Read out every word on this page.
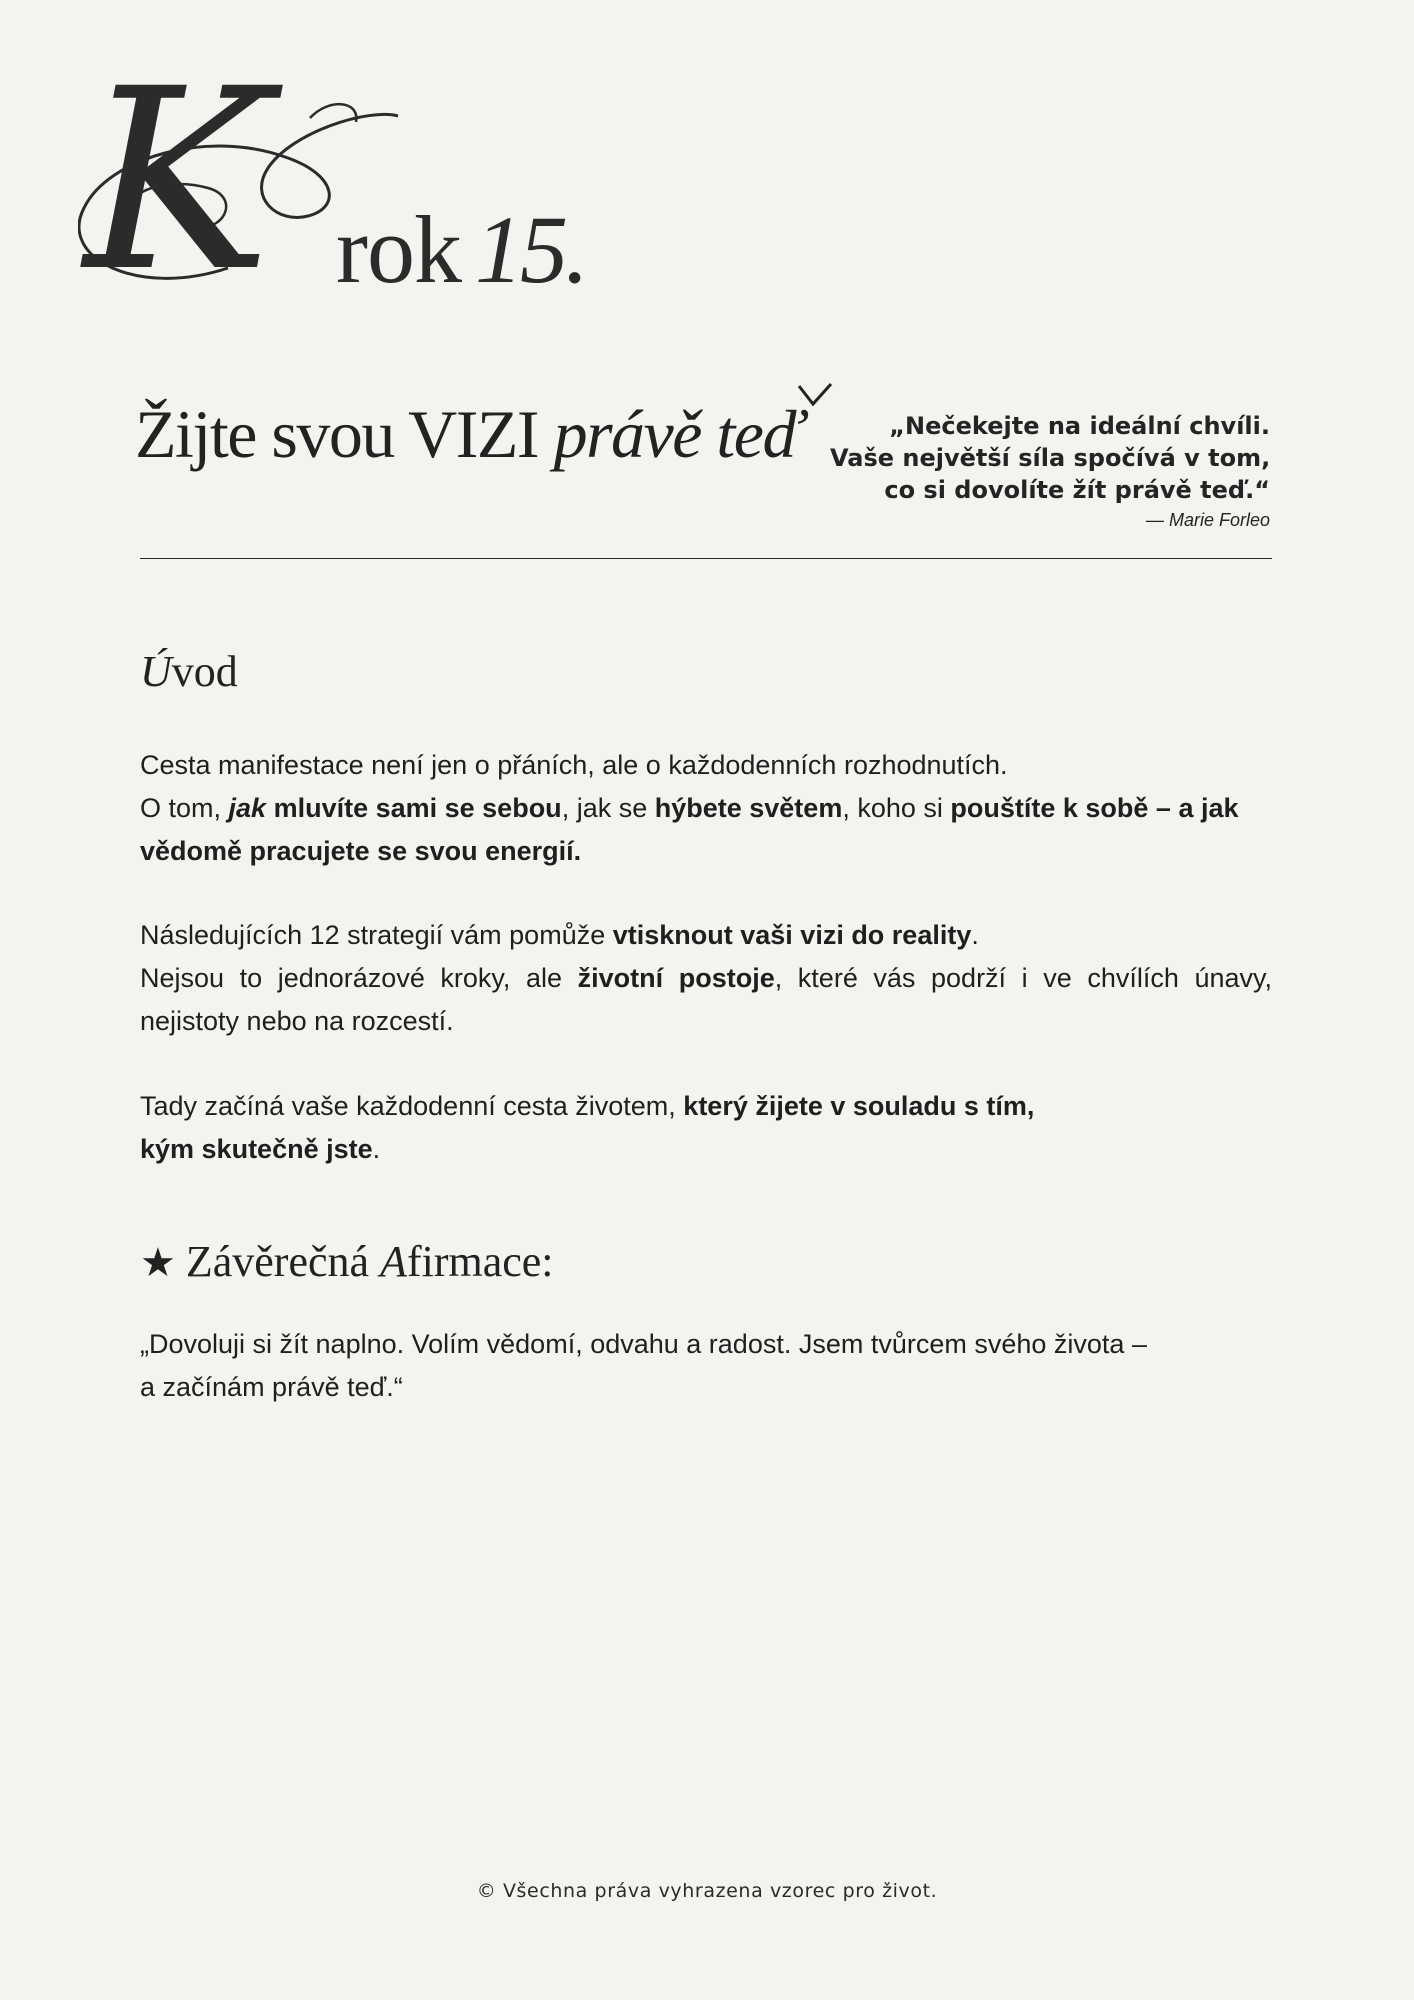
K rok 15.
Žijte svou VIZI právě teď	„Nečekejte na ideální chvíli.
Vaše největší síla spočívá v tom,
co si dovolíte žít právě teď.“
— Marie Forleo
Úvod
Cesta manifestace není jen o přáních, ale o každodenních rozhodnutích.
O tom, jak mluvíte sami se sebou, jak se hýbete světem, koho si pouštíte k sobě – a jak vědomě pracujete se svou energií.
Následujících 12 strategií vám pomůže vtisknout vaši vizi do reality.
Nejsou to jednorázové kroky, ale životní postoje, které vás podrží i ve chvílích únavy, nejistoty nebo na rozcestí.
Tady začíná vaše každodenní cesta životem, který žijete v souladu s tím,
kým skutečně jste.
★ Závěrečná Afirmace:
„Dovoluji si žít naplno. Volím vědomí, odvahu a radost. Jsem tvůrcem svého života –
a začínám právě teď.“
© Všechna práva vyhrazena vzorec pro život.
